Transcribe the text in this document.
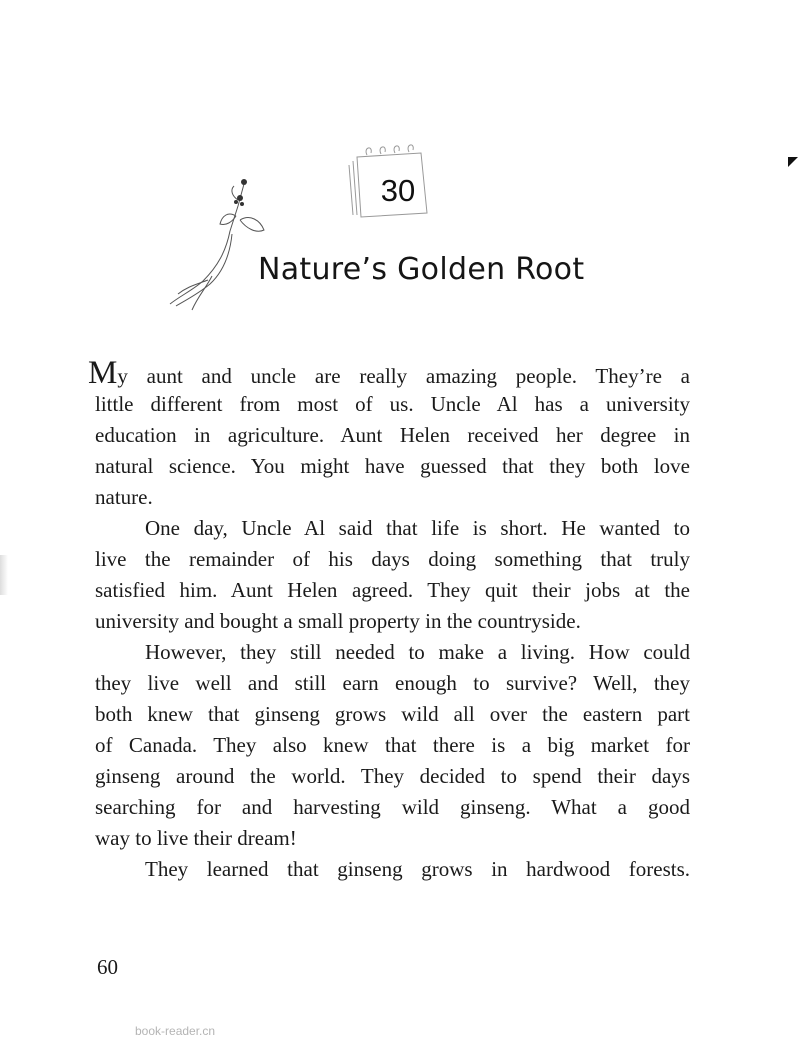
30
Nature’s Golden Root
My aunt and uncle are really amazing people. They’re a
little different from most of us. Uncle Al has a university
education in agriculture. Aunt Helen received her degree in
natural science. You might have guessed that they both love
nature.
One day, Uncle Al said that life is short. He wanted to
live the remainder of his days doing something that truly
satisfied him. Aunt Helen agreed. They quit their jobs at the
university and bought a small property in the countryside.
However, they still needed to make a living. How could
they live well and still earn enough to survive? Well, they
both knew that ginseng grows wild all over the eastern part
of Canada. They also knew that there is a big market for
ginseng around the world. They decided to spend their days
searching for and harvesting wild ginseng. What a good
way to live their dream!
They learned that ginseng grows in hardwood forests.
60
book-reader.cn
